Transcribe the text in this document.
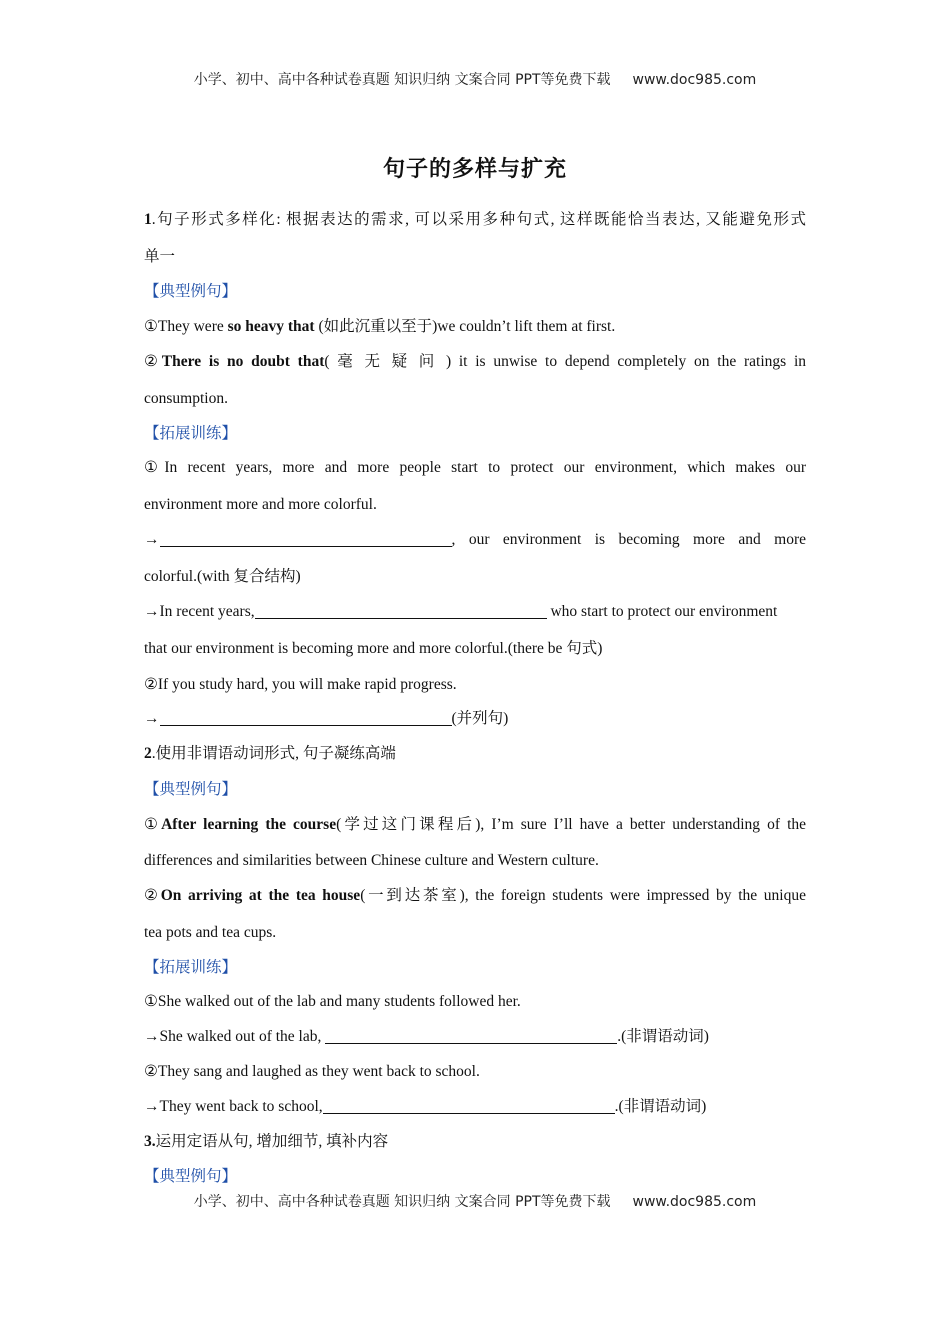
小学、初中、高中各种试卷真题 知识归纳 文案合同 PPT等免费下载 www.doc985.com
句子的多样与扩充
1.句子形式多样化: 根据表达的需求, 可以采用多种句式, 这样既能恰当表达, 又能避免形式
单一
【典型例句】
①They were so heavy that (如此沉重以至于)we couldn’t lift them at first.
②There is no doubt that( 毫 无 疑 问 ) it is unwise to depend completely on the ratings in
consumption.
【拓展训练】
①In recent years, more and more people start to protect our environment, which makes our
environment more and more colorful.
→	, our environment is becoming more and more
colorful.(with 复合结构)
→In recent years,	who start to protect our environment
that our environment is becoming more and more colorful.(there be 句式)
②If you study hard, you will make rapid progress.
→	(并列句)
2.使用非谓语动词形式, 句子凝练高端
【典型例句】
①After learning the course(学过这门课程后), I’m sure I’ll have a better understanding of the
differences and similarities between Chinese culture and Western culture.
②On arriving at the tea house(一到达茶室), the foreign students were impressed by the unique
tea pots and tea cups.
【拓展训练】
①She walked out of the lab and many students followed her.
→She walked out of the lab,	.(非谓语动词)
②They sang and laughed as they went back to school.
→They went back to school,	.(非谓语动词)
3.运用定语从句, 增加细节, 填补内容
【典型例句】
小学、初中、高中各种试卷真题 知识归纳 文案合同 PPT等免费下载 www.doc985.com
